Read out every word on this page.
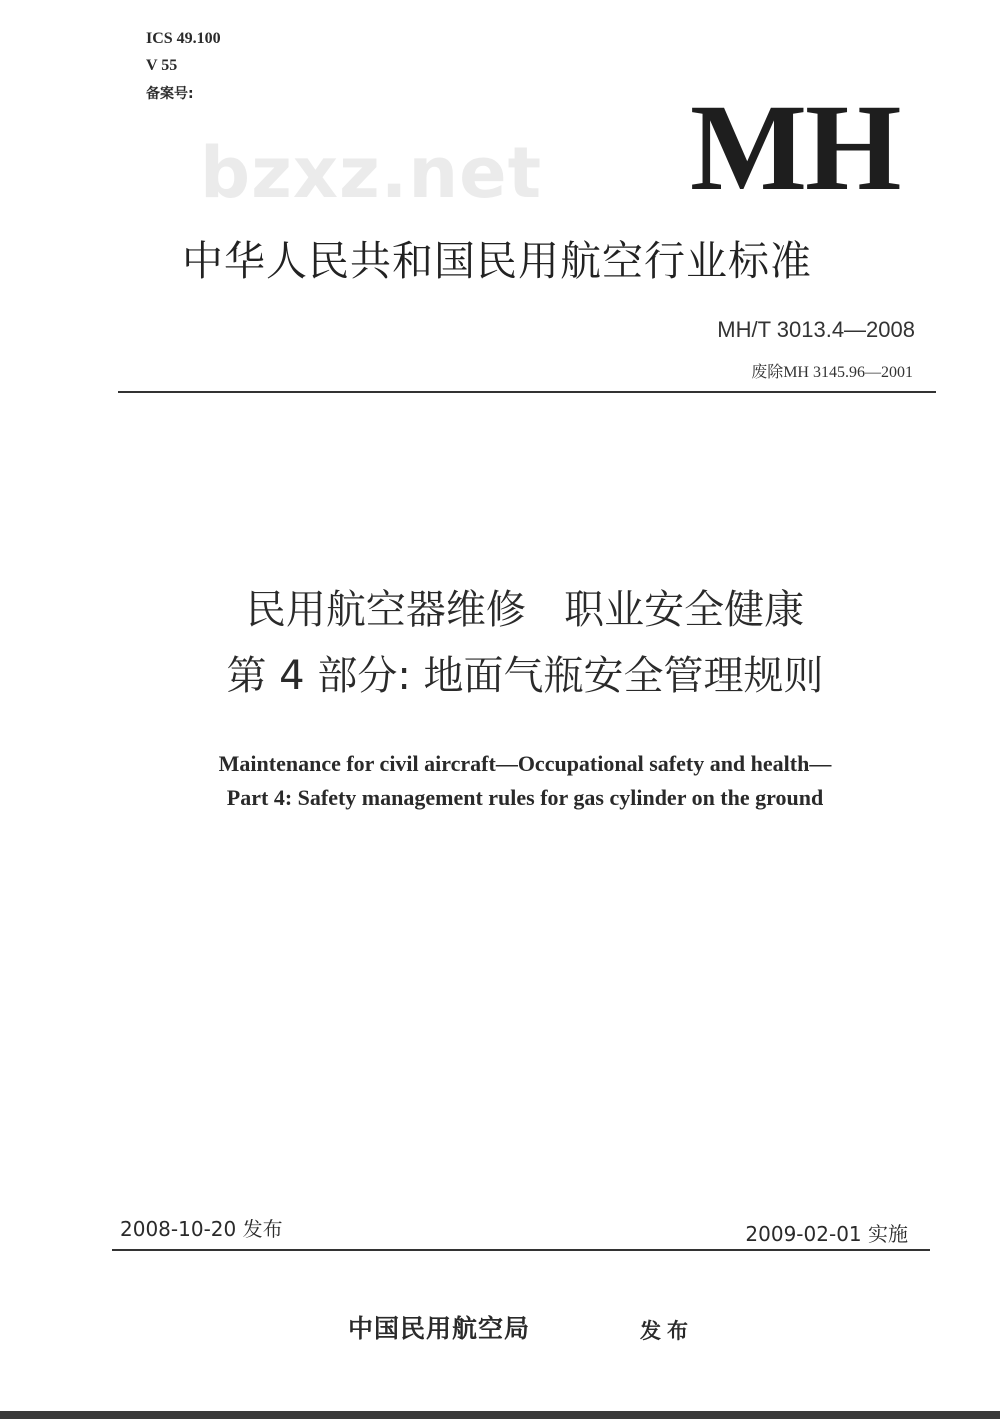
ICS 49.100
V 55
备案号:
bzxz.net MH
中华人民共和国民用航空行业标准
MH/T 3013.4—2008
废除MH 3145.96—2001
民用航空器维修   职业安全健康
第 4 部分: 地面气瓶安全管理规则
Maintenance for civil aircraft—Occupational safety and health—
Part 4: Safety management rules for gas cylinder on the ground
2008-10-20 发布	2009-02-01 实施
中国民用航空局	发布
